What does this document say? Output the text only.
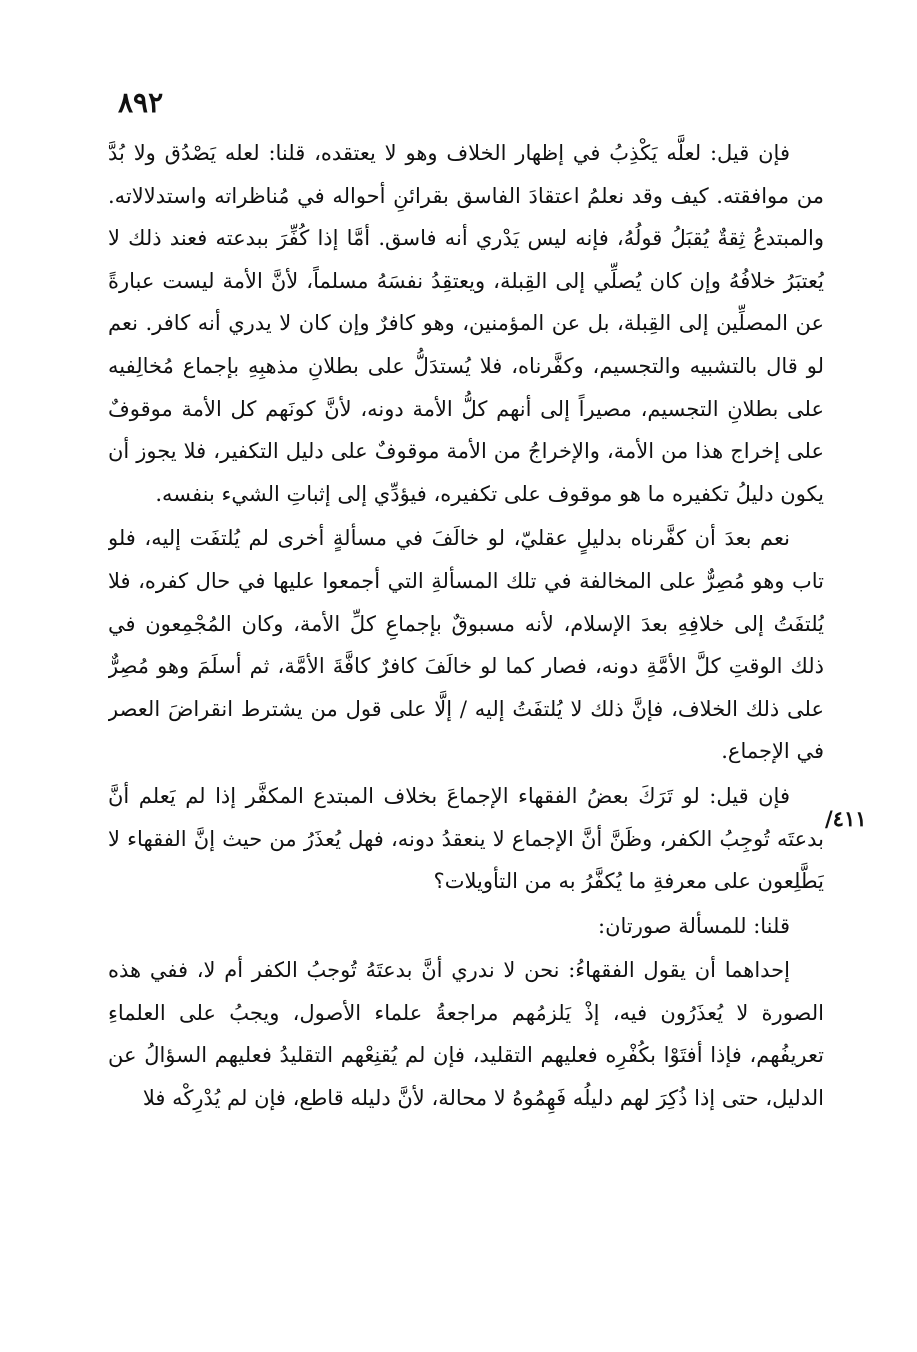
٨٩٢
٤١١/

فإن قيل: لعلَّه يَكْذِبُ في إظهار الخلاف وهو لا يعتقده، قلنا: لعله يَصْدُق ولا بُدَّ من موافقته. كيف وقد نعلمُ اعتقادَ الفاسق بقرائنِ أحواله في مُناظراته واستدلالاته. والمبتدعُ ثِقةٌ يُقبَلُ قولُهُ، فإنه ليس يَدْري أنه فاسق. أمَّا إذا كُفِّرَ ببدعته فعند ذلك لا يُعتبَرُ خلافُهُ وإن كان يُصلِّي إلى القِبلة، ويعتقِدُ نفسَهُ مسلماً، لأنَّ الأمة ليست عبارةً عن المصلِّين إلى القِبلة، بل عن المؤمنين، وهو كافرٌ وإن كان لا يدري أنه كافر. نعم لو قال بالتشبيه والتجسيم، وكفَّرناه، فلا يُستدَلُّ على بطلانِ مذهبِهِ بإجماع مُخالِفيه على بطلانِ التجسيم، مصيراً إلى أنهم كلُّ الأمة دونه، لأنَّ كونَهم كل الأمة موقوفٌ على إخراج هذا من الأمة، والإخراجُ من الأمة موقوفٌ على دليل التكفير، فلا يجوز أن يكون دليلُ تكفيره ما هو موقوف على تكفيره، فيؤدِّي إلى إثباتِ الشيء بنفسه.

نعم بعدَ أن كفَّرناه بدليلٍ عقليّ، لو خالَفَ في مسألةٍ أخرى لم يُلتفَت إليه، فلو تاب وهو مُصِرٌّ على المخالفة في تلك المسألةِ التي أجمعوا عليها في حال كفره، فلا يُلتفَتُ إلى خلافِهِ بعدَ الإسلام، لأنه مسبوقٌ بإجماعِ كلِّ الأمة، وكان المُجْمِعون في ذلك الوقتِ كلَّ الأمَّةِ دونه، فصار كما لو خالَفَ كافرٌ كافَّةَ الأمَّة، ثم أسلَمَ وهو مُصِرٌّ على ذلك الخلاف، فإنَّ ذلك لا يُلتفَتُ إليه / إلَّا على قول من يشترط انقراضَ العصر في الإجماع.

فإن قيل: لو تَرَكَ بعضُ الفقهاء الإجماعَ بخلاف المبتدع المكفَّر إذا لم يَعلم أنَّ بدعتَه تُوجِبُ الكفر، وظَنَّ أنَّ الإجماع لا ينعقدُ دونه، فهل يُعذَرُ من حيث إنَّ الفقهاء لا يَطَّلِعون على معرفةِ ما يُكفَّرُ به من التأويلات؟

قلنا: للمسألة صورتان:

إحداهما أن يقول الفقهاءُ: نحن لا ندري أنَّ بدعتَهُ تُوجبُ الكفر أم لا، ففي هذه الصورة لا يُعذَرُون فيه، إذْ يَلزمُهم مراجعةُ علماء الأصول، ويجبُ على العلماءِ تعريفُهم، فإذا أفتَوْا بكُفْرِه فعليهم التقليد، فإن لم يُقنِعْهم التقليدُ فعليهم السؤالُ عن الدليل، حتى إذا ذُكِرَ لهم دليلُه فَهِمُوهُ لا محالة، لأنَّ دليله قاطع، فإن لم يُدْرِكْه فلا
